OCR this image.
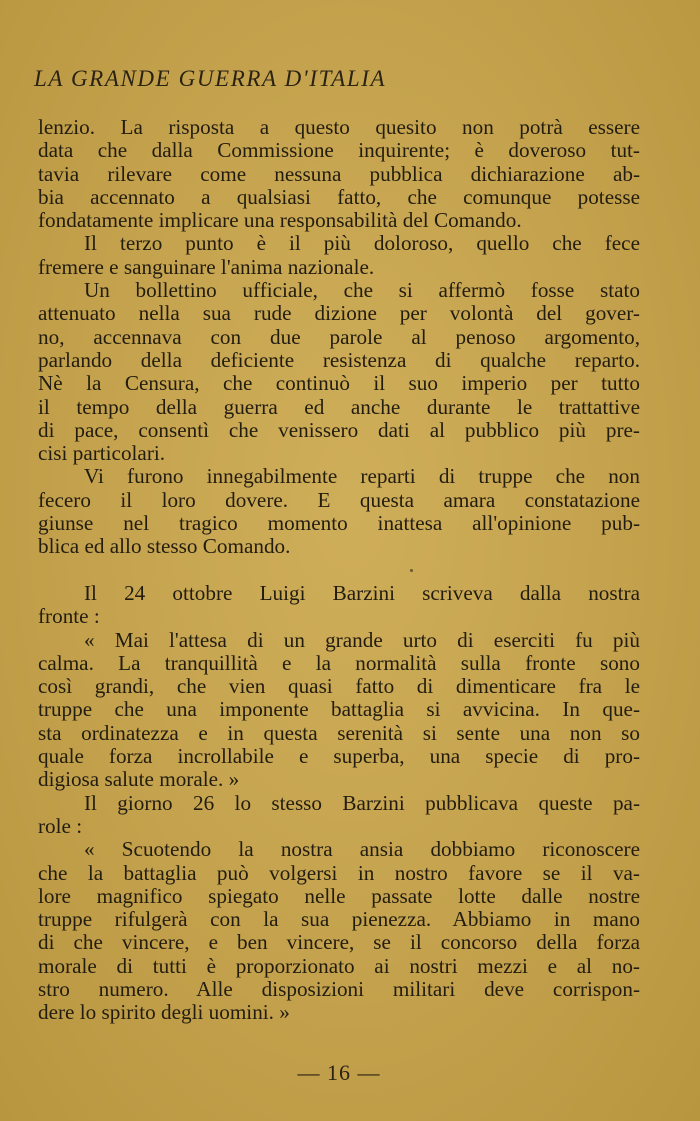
LA GRANDE GUERRA D'ITALIA
lenzio. La risposta a questo quesito non potrà essere
data che dalla Commissione inquirente; è doveroso tut-
tavia rilevare come nessuna pubblica dichiarazione ab-
bia accennato a qualsiasi fatto, che comunque potesse
fondatamente implicare una responsabilità del Comando.
Il terzo punto è il più doloroso, quello che fece
fremere e sanguinare l'anima nazionale.
Un bollettino ufficiale, che si affermò fosse stato
attenuato nella sua rude dizione per volontà del gover-
no, accennava con due parole al penoso argomento,
parlando della deficiente resistenza di qualche reparto.
Nè la Censura, che continuò il suo imperio per tutto
il tempo della guerra ed anche durante le trattattive
di pace, consentì che venissero dati al pubblico più pre-
cisi particolari.
Vi furono innegabilmente reparti di truppe che non
fecero il loro dovere. E questa amara constatazione
giunse nel tragico momento inattesa all'opinione pub-
blica ed allo stesso Comando.
Il 24 ottobre Luigi Barzini scriveva dalla nostra
fronte :
« Mai l'attesa di un grande urto di eserciti fu più
calma. La tranquillità e la normalità sulla fronte sono
così grandi, che vien quasi fatto di dimenticare fra le
truppe che una imponente battaglia si avvicina. In que-
sta ordinatezza e in questa serenità si sente una non so
quale forza incrollabile e superba, una specie di pro-
digiosa salute morale. »
Il giorno 26 lo stesso Barzini pubblicava queste pa-
role :
« Scuotendo la nostra ansia dobbiamo riconoscere
che la battaglia può volgersi in nostro favore se il va-
lore magnifico spiegato nelle passate lotte dalle nostre
truppe rifulgerà con la sua pienezza. Abbiamo in mano
di che vincere, e ben vincere, se il concorso della forza
morale di tutti è proporzionato ai nostri mezzi e al no-
stro numero. Alle disposizioni militari deve corrispon-
dere lo spirito degli uomini. »
— 16 —
